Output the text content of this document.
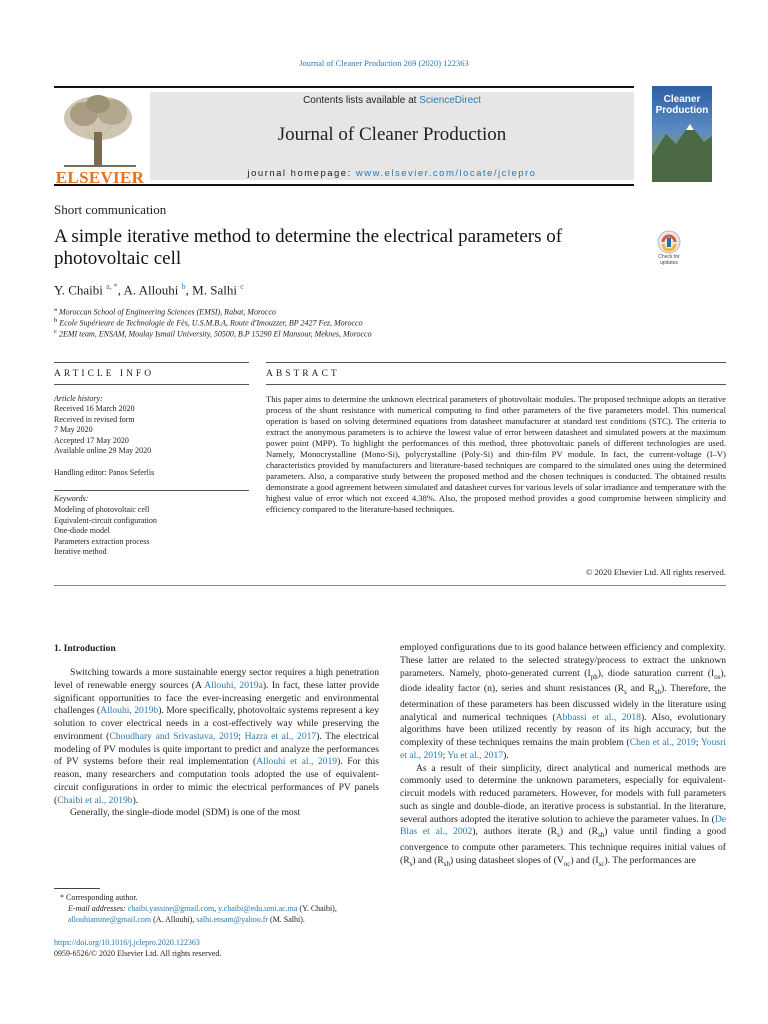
Journal of Cleaner Production 269 (2020) 122363
ELSEVIER
Contents lists available at ScienceDirect
Journal of Cleaner Production
journal homepage: www.elsevier.com/locate/jclepro
Cleaner
Production
Short communication
A simple iterative method to determine the electrical parameters of photovoltaic cell	Check for
updates
Y. Chaibi $^{a, *}$, A. Allouhi $^b$, M. Salhi $^c$
$^a$ Moroccan School of Engineering Sciences (EMSI), Rabat, Morocco
$^b$ Ecole Supérieure de Technologie de Fès, U.S.M.B.A, Route d'Imouzzer, BP 2427 Fez, Morocco
$^c$ 2EMI team, ENSAM, Moulay Ismail University, 50500, B.P 15290 El Mansour, Meknes, Morocco
ARTICLE INFO	ABSTRACT
Article history:
Received 16 March 2020
Received in revised form
7 May 2020
Accepted 17 May 2020
Available online 29 May 2020
Handling editor: Panos Seferlis
Keywords:
Modeling of photovoltaic cell
Equivalent-circuit configuration
One-diode model
Parameters extraction process
Iterative method
This paper aims to determine the unknown electrical parameters of photovoltaic modules. The proposed technique adopts an iterative process of the shunt resistance with numerical computing to find other parameters of the five parameters model. This numerical operation is based on solving determined equations from datasheet manufacturer at standard test conditions (STC). The criteria to extract the anonymous parameters is to achieve the lowest value of error between datasheet and simulated powers at the maximum power point (MPP). To highlight the performances of this method, three photovoltaic panels of different technologies are used. Namely, Monocrystalline (Mono-Si), polycrystalline (Poly-Si) and thin-film PV module. In fact, the current-voltage (I–V) characteristics provided by manufacturers and literature-based techniques are compared to the simulated ones using the determined parameters. Also, a comparative study between the proposed method and the chosen techniques is conducted. The obtained results demonstrate a good agreement between simulated and datasheet curves for various levels of solar irradiance and temperature with the highest value of error which not exceed 4.38%. Also, the proposed method provides a good compromise between simplicity and efficiency compared to the literature-based techniques.
© 2020 Elsevier Ltd. All rights reserved.
1. Introduction

Switching towards a more sustainable energy sector requires a high penetration level of renewable energy sources (A Allouhi, 2019a). In fact, these latter provide significant opportunities to face the ever-increasing energetic and environmental challenges (Allouhi, 2019b). More specifically, photovoltaic systems represent a key solution to cover electrical needs in a cost-effectively way while preserving the environment (Choudhary and Srivastava, 2019; Hazra et al., 2017). The electrical modeling of PV modules is quite important to predict and analyze the performances of PV systems before their real implementation (Allouhi et al., 2019). For this reason, many researchers and computation tools adopted the use of equivalent-circuit configurations in order to mimic the electrical performances of PV panels (Chaibi et al., 2019b).

Generally, the single-diode model (SDM) is one of the most

employed configurations due to its good balance between efficiency and complexity. These latter are related to the selected strategy/process to extract the unknown parameters. Namely, photo-generated current $(I_{ph})$, diode saturation current $(I_{os})$, diode ideality factor (n), series and shunt resistances ($R_s$ and $R_{sh}$). Therefore, the determination of these parameters has been discussed widely in the literature using analytical and numerical techniques (Abbassi et al., 2018). Also, evolutionary algorithms have been utilized recently by reason of its high accuracy, but the complexity of these techniques remains the main problem (Chen et al., 2019; Yousri et al., 2019; Yu et al., 2017).

As a result of their simplicity, direct analytical and numerical methods are commonly used to determine the unknown parameters, especially for equivalent-circuit models with reduced parameters. However, for models with full parameters such as single and double-diode, an iterative process is substantial. In the literature, several authors adopted the iterative solution to achieve the parameter values. In (De Blas et al., 2002), authors iterate $(R_s)$ and $(R_{sh})$ value until finding a good convergence to compute other parameters. This technique requires initial values of $(R_s)$ and $(R_{sh})$ using datasheet slopes of $(V_{oc})$ and $(I_{sc})$. The performances are

* Corresponding author.
E-mail addresses: chaibi.yassine@gmail.com, y.chaibi@edu.umi.ac.ma (Y. Chaibi), allouhiamine@gmail.com (A. Allouhi), salhi.ensam@yahoo.fr (M. Salhi).
https://doi.org/10.1016/j.jclepro.2020.122363
0959-6526/© 2020 Elsevier Ltd. All rights reserved.
